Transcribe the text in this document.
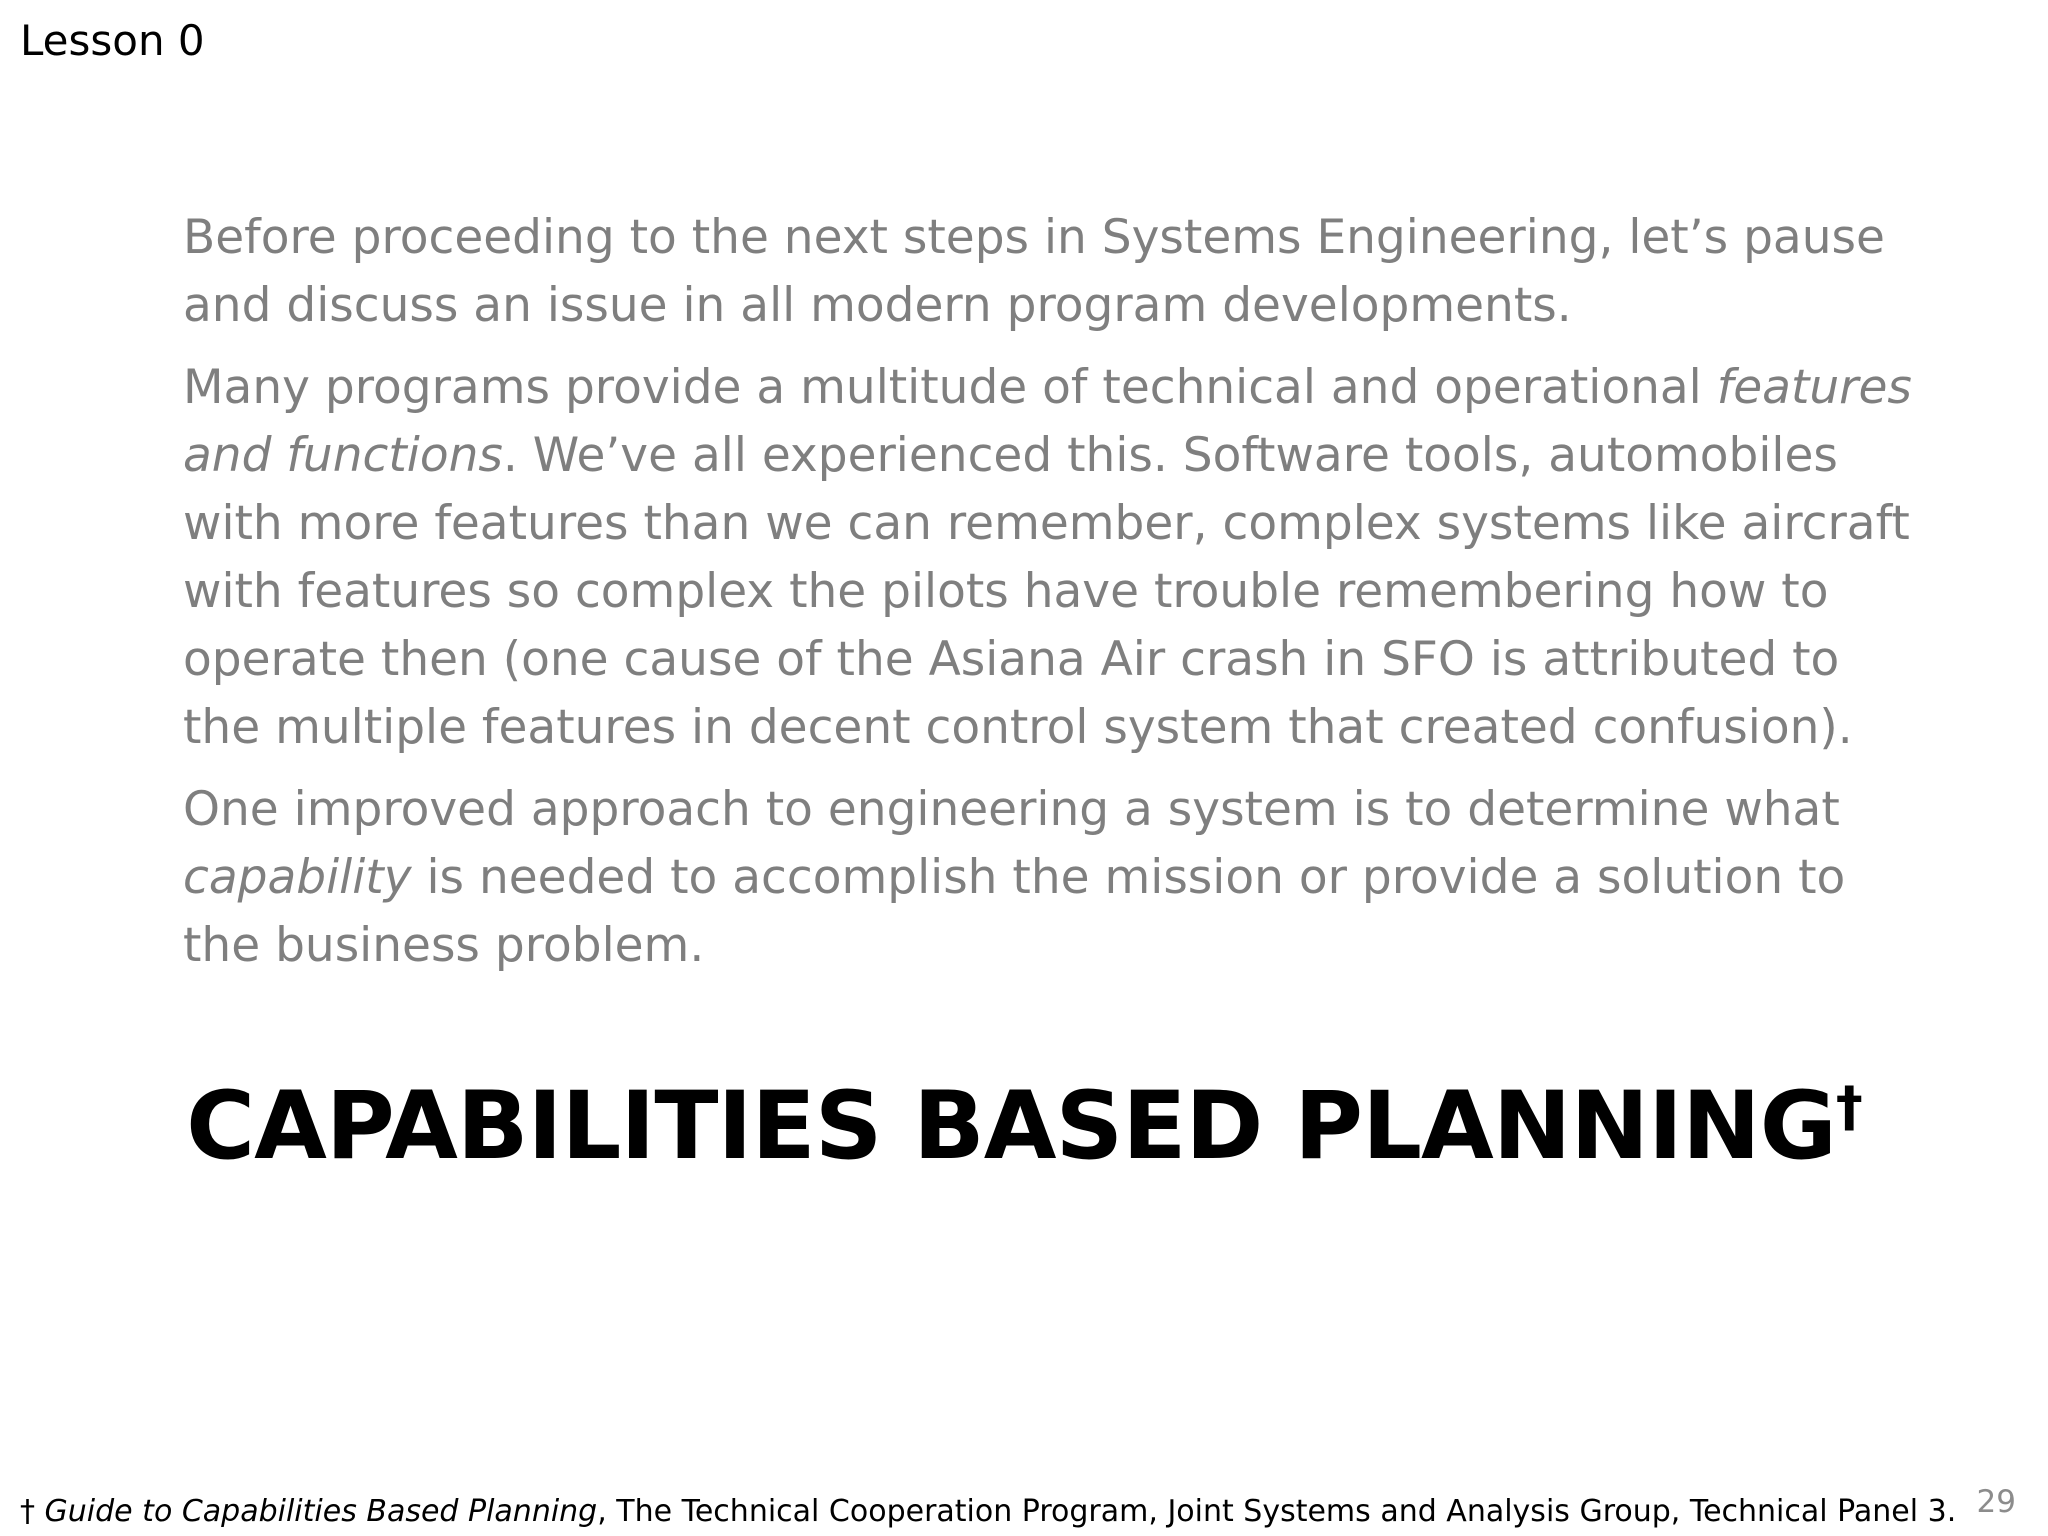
Lesson 0

Before proceeding to the next steps in Systems Engineering, let’s pause and discuss an issue in all modern program developments.

Many programs provide a multitude of technical and operational features and functions. We’ve all experienced this. Software tools, automobiles with more features than we can remember, complex systems like aircraft with features so complex the pilots have trouble remembering how to operate then (one cause of the Asiana Air crash in SFO is attributed to the multiple features in decent control system that created confusion).

One improved approach to engineering a system is to determine what capability is needed to accomplish the mission or provide a solution to the business problem.

CAPABILITIES BASED PLANNING†
† Guide to Capabilities Based Planning, The Technical Cooperation Program, Joint Systems and Analysis Group, Technical Panel 3. 29
